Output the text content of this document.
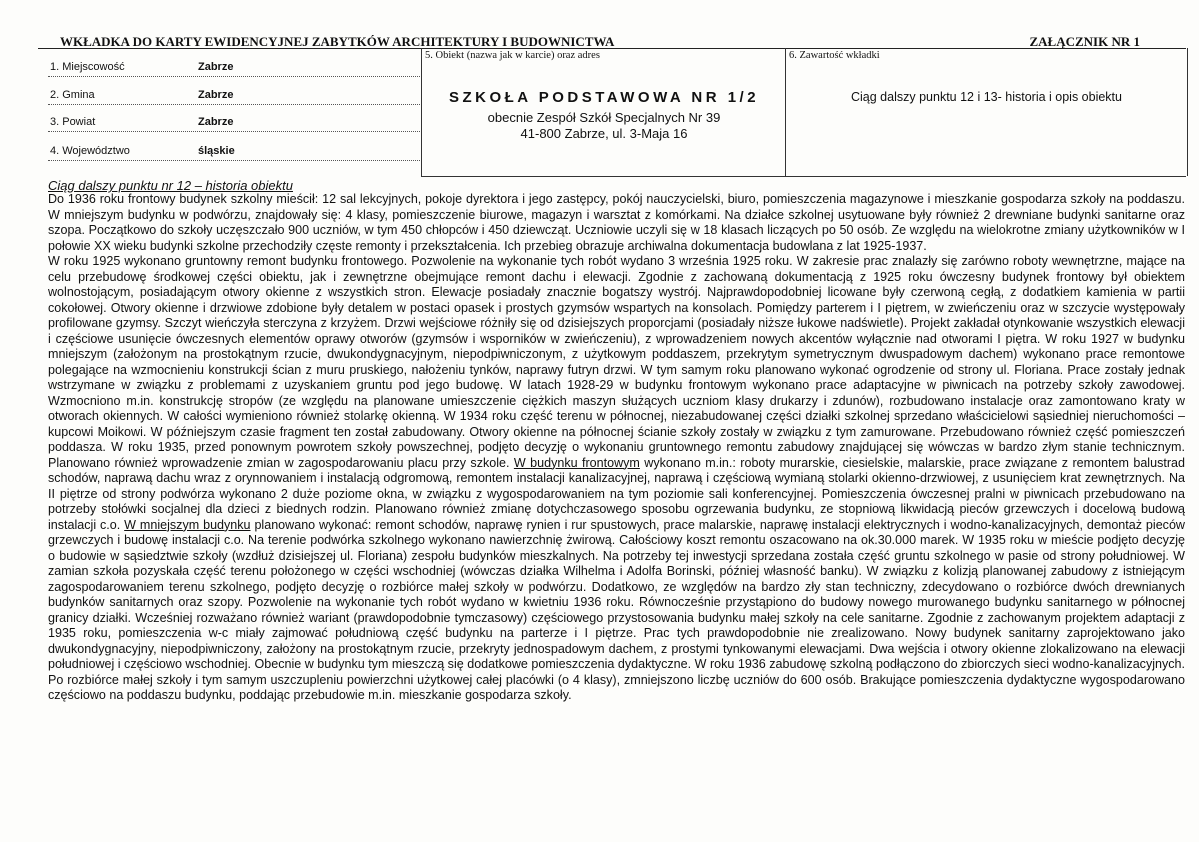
WKŁADKA DO KARTY EWIDENCYJNEJ ZABYTKÓW ARCHITEKTURY I BUDOWNICTWA	ZAŁĄCZNIK NR 1
1. Miejscowość	Zabrze
2. Gmina	Zabrze
3. Powiat	Zabrze
4. Województwo	śląskie
5. Obiekt (nazwa jak w karcie) oraz adres
SZKOŁA PODSTAWOWA NR 1/2
obecnie Zespół Szkół Specjalnych Nr 39
41-800 Zabrze, ul. 3-Maja 16
6. Zawartość wkładki
Ciąg dalszy punktu 12 i 13- historia i opis obiektu
Ciąg dalszy punktu nr 12 – historia obiektu

Do 1936 roku frontowy budynek szkolny mieścił: 12 sal lekcyjnych, pokoje dyrektora i jego zastępcy, pokój nauczycielski, biuro, pomieszczenia magazynowe i mieszkanie gospodarza szkoły na poddaszu. W mniejszym budynku w podwórzu, znajdowały się: 4 klasy, pomieszczenie biurowe, magazyn i warsztat z komórkami. Na działce szkolnej usytuowane były również 2 drewniane budynki sanitarne oraz szopa. Początkowo do szkoły uczęszczało 900 uczniów, w tym 450 chłopców i 450 dziewcząt. Uczniowie uczyli się w 18 klasach liczących po 50 osób. Ze względu na wielokrotne zmiany użytkowników w I połowie XX wieku budynki szkolne przechodziły częste remonty i przekształcenia. Ich przebieg obrazuje archiwalna dokumentacja budowlana z lat 1925-1937.

W roku 1925 wykonano gruntowny remont budynku frontowego. Pozwolenie na wykonanie tych robót wydano 3 września 1925 roku. W zakresie prac znalazły się zarówno roboty wewnętrzne, mające na celu przebudowę środkowej części obiektu, jak i zewnętrzne obejmujące remont dachu i elewacji. Zgodnie z zachowaną dokumentacją z 1925 roku ówczesny budynek frontowy był obiektem wolnostojącym, posiadającym otwory okienne z wszystkich stron. Elewacje posiadały znacznie bogatszy wystrój. Najprawdopodobniej licowane były czerwoną cegłą, z dodatkiem kamienia w partii cokołowej. Otwory okienne i drzwiowe zdobione były detalem w postaci opasek i prostych gzymsów wspartych na konsolach. Pomiędzy parterem i I piętrem, w zwieńczeniu oraz w szczycie występowały profilowane gzymsy. Szczyt wieńczyła sterczyna z krzyżem. Drzwi wejściowe różniły się od dzisiejszych proporcjami (posiadały niższe łukowe nadświetle). Projekt zakładał otynkowanie wszystkich elewacji i częściowe usunięcie ówczesnych elementów oprawy otworów (gzymsów i wsporników w zwieńczeniu), z wprowadzeniem nowych akcentów wyłącznie nad otworami I piętra. W roku 1927 w budynku mniejszym (założonym na prostokątnym rzucie, dwukondygnacyjnym, niepodpiwniczonym, z użytkowym poddaszem, przekrytym symetrycznym dwuspadowym dachem) wykonano prace remontowe polegające na wzmocnieniu konstrukcji ścian z muru pruskiego, nałożeniu tynków, naprawy futryn drzwi. W tym samym roku planowano wykonać ogrodzenie od strony ul. Floriana. Prace zostały jednak wstrzymane w związku z problemami z uzyskaniem gruntu pod jego budowę. W latach 1928-29 w budynku frontowym wykonano prace adaptacyjne w piwnicach na potrzeby szkoły zawodowej. Wzmocniono m.in. konstrukcję stropów (ze względu na planowane umieszczenie ciężkich maszyn służących uczniom klasy drukarzy i zdunów), rozbudowano instalacje oraz zamontowano kraty w otworach okiennych. W całości wymieniono również stolarkę okienną. W 1934 roku część terenu w północnej, niezabudowanej części działki szkolnej sprzedano właścicielowi sąsiedniej nieruchomości – kupcowi Moikowi. W późniejszym czasie fragment ten został zabudowany. Otwory okienne na północnej ścianie szkoły zostały w związku z tym zamurowane. Przebudowano również część pomieszczeń poddasza. W roku 1935, przed ponownym powrotem szkoły powszechnej, podjęto decyzję o wykonaniu gruntownego remontu zabudowy znajdującej się wówczas w bardzo złym stanie technicznym. Planowano również wprowadzenie zmian w zagospodarowaniu placu przy szkole. W budynku frontowym wykonano m.in.: roboty murarskie, ciesielskie, malarskie, prace związane z remontem balustrad schodów, naprawą dachu wraz z orynnowaniem i instalacją odgromową, remontem instalacji kanalizacyjnej, naprawą i częściową wymianą stolarki okienno-drzwiowej, z usunięciem krat zewnętrznych. Na II piętrze od strony podwórza wykonano 2 duże poziome okna, w związku z wygospodarowaniem na tym poziomie sali konferencyjnej. Pomieszczenia ówczesnej pralni w piwnicach przebudowano na potrzeby stołówki socjalnej dla dzieci z biednych rodzin. Planowano również zmianę dotychczasowego sposobu ogrzewania budynku, ze stopniową likwidacją pieców grzewczych i docelową budową instalacji c.o. W mniejszym budynku planowano wykonać: remont schodów, naprawę rynien i rur spustowych, prace malarskie, naprawę instalacji elektrycznych i wodno-kanalizacyjnych, demontaż pieców grzewczych i budowę instalacji c.o. Na terenie podwórka szkolnego wykonano nawierzchnię żwirową. Całościowy koszt remontu oszacowano na ok.30.000 marek. W 1935 roku w mieście podjęto decyzję o budowie w sąsiedztwie szkoły (wzdłuż dzisiejszej ul. Floriana) zespołu budynków mieszkalnych. Na potrzeby tej inwestycji sprzedana została część gruntu szkolnego w pasie od strony południowej. W zamian szkoła pozyskała część terenu położonego w części wschodniej (wówczas działka Wilhelma i Adolfa Borinski, później własność banku). W związku z kolizją planowanej zabudowy z istniejącym zagospodarowaniem terenu szkolnego, podjęto decyzję o rozbiórce małej szkoły w podwórzu. Dodatkowo, ze względów na bardzo zły stan techniczny, zdecydowano o rozbiórce dwóch drewnianych budynków sanitarnych oraz szopy. Pozwolenie na wykonanie tych robót wydano w kwietniu 1936 roku. Równocześnie przystąpiono do budowy nowego murowanego budynku sanitarnego w północnej granicy działki. Wcześniej rozważano również wariant (prawdopodobnie tymczasowy) częściowego przystosowania budynku małej szkoły na cele sanitarne. Zgodnie z zachowanym projektem adaptacji z 1935 roku, pomieszczenia w-c miały zajmować południową część budynku na parterze i I piętrze. Prac tych prawdopodobnie nie zrealizowano. Nowy budynek sanitarny zaprojektowano jako dwukondygnacyjny, niepodpiwniczony, założony na prostokątnym rzucie, przekryty jednospadowym dachem, z prostymi tynkowanymi elewacjami. Dwa wejścia i otwory okienne zlokalizowano na elewacji południowej i częściowo wschodniej. Obecnie w budynku tym mieszczą się dodatkowe pomieszczenia dydaktyczne. W roku 1936 zabudowę szkolną podłączono do zbiorczych sieci wodno-kanalizacyjnych. Po rozbiórce małej szkoły i tym samym uszczupleniu powierzchni użytkowej całej placówki (o 4 klasy), zmniejszono liczbę uczniów do 600 osób. Brakujące pomieszczenia dydaktyczne wygospodarowano częściowo na poddaszu budynku, poddając przebudowie m.in. mieszkanie gospodarza szkoły.
